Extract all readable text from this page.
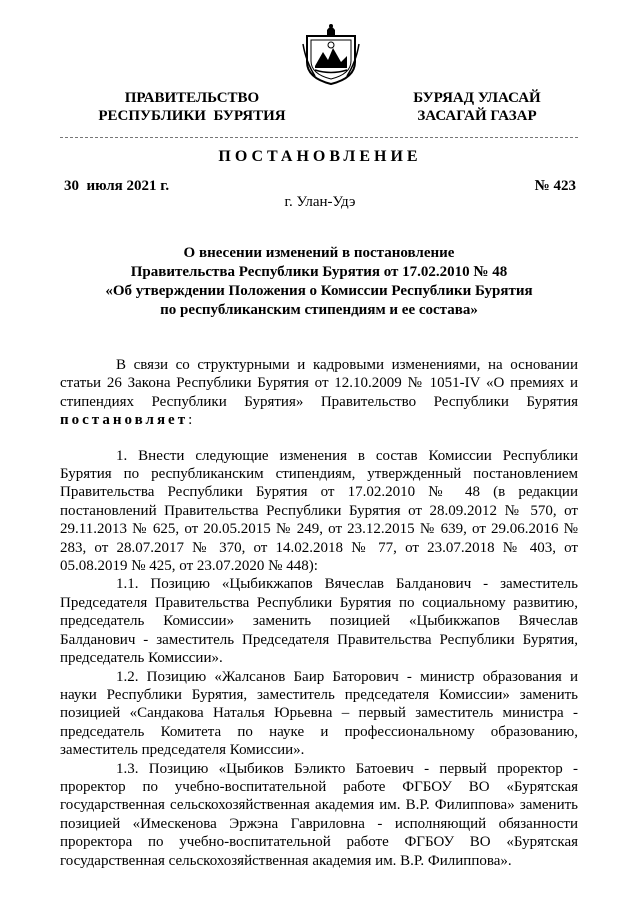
ПРАВИТЕЛЬСТВО
РЕСПУБЛИКИ  БУРЯТИЯ
БУРЯАД УЛАСАЙ
ЗАСАГАЙ ГАЗАР
ПОСТАНОВЛЕНИЕ
30  июля 2021 г.	№ 423
г. Улан-Удэ
О внесении изменений в постановление
Правительства Республики Бурятия от 17.02.2010 № 48
«Об утверждении Положения о Комиссии Республики Бурятия
по республиканским стипендиям и ее состава»

В связи со структурными и кадровыми изменениями, на основании статьи 26 Закона Республики Бурятия от 12.10.2009 № 1051-IV «О премиях и стипендиях Республики Бурятия» Правительство Республики Бурятия постановляет:

1. Внести следующие изменения в состав Комиссии Республики Бурятия по республиканским стипендиям, утвержденный постановлением Правительства Республики Бурятия от 17.02.2010 № 48 (в редакции постановлений Правительства Республики Бурятия от 28.09.2012 № 570, от 29.11.2013 № 625, от 20.05.2015 № 249, от 23.12.2015 № 639, от 29.06.2016 № 283, от 28.07.2017 № 370, от 14.02.2018 № 77, от 23.07.2018 № 403, от 05.08.2019 № 425, от 23.07.2020 № 448):

1.1. Позицию «Цыбикжапов Вячеслав Балданович - заместитель Председателя Правительства Республики Бурятия по социальному развитию, председатель Комиссии» заменить позицией «Цыбикжапов Вячеслав Балданович - заместитель Председателя Правительства Республики Бурятия, председатель Комиссии».

1.2. Позицию «Жалсанов Баир Баторович - министр образования и науки Республики Бурятия, заместитель председателя Комиссии» заменить позицией «Сандакова Наталья Юрьевна – первый заместитель министра - председатель Комитета по науке и профессиональному образованию, заместитель председателя Комиссии».

1.3. Позицию «Цыбиков Бэликто Батоевич - первый проректор - проректор по учебно-воспитательной работе ФГБОУ ВО «Бурятская государственная сельскохозяйственная академия им. В.Р. Филиппова» заменить позицией «Имескенова Эржэна Гавриловна - исполняющий обязанности проректора по учебно-воспитательной работе ФГБОУ ВО «Бурятская государственная сельскохозяйственная академия им. В.Р. Филиппова».
